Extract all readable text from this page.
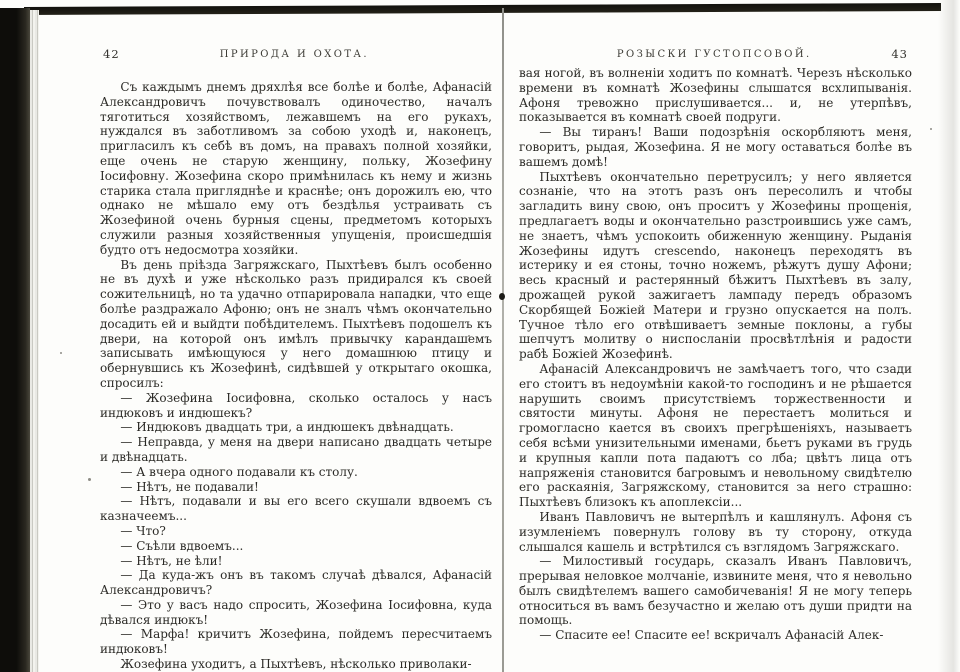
42	ПРИРОДА И ОХОТА.

Съ каждымъ днемъ дряхлѣя все болѣе и болѣе, Афанасій Александровичъ почувствовалъ одиночество, началъ тяготиться хозяйствомъ, лежавшемъ на его рукахъ, нуждался въ заботливомъ за собою уходѣ и, наконецъ, пригласилъ къ себѣ въ домъ, на правахъ полной хозяйки, еще очень не старую женщину, польку, Жозефину Іосифовну. Жозефина скоро примѣнилась къ нему и жизнь старика стала пригляднѣе и краснѣе; онъ дорожилъ ею, что однако не мѣшало ему отъ бездѣлья устраивать съ Жозефиной очень бурныя сцены, предметомъ которыхъ служили разныя хозяйственныя упущенія, происшедшія будто отъ недосмотра хозяйки.

Въ день пріѣзда Загряжскаго, Пыхтѣевъ былъ особенно не въ духѣ и уже нѣсколько разъ придирался къ своей сожительницѣ, но та удачно отпарировала нападки, что еще болѣе раздражало Афоню; онъ не зналъ чѣмъ окончательно досадить ей и выйдти побѣдителемъ. Пыхтѣевъ подошелъ къ двери, на которой онъ имѣлъ привычку карандашемъ записывать имѣющуюся у него домашнюю птицу и обернувшись къ Жозефинѣ, сидѣвшей у открытаго окошка, спросилъ:

— Жозефина Іосифовна, сколько осталось у насъ индюковъ и индюшекъ?

— Индюковъ двадцать три, а индюшекъ двѣнадцать.

— Неправда, у меня на двери написано двадцать четыре и двѣнадцать.

— А вчера одного подавали къ столу.

— Нѣтъ, не подавали!

— Нѣтъ, подавали и вы его всего скушали вдвоемъ съ казначеемъ...

— Что?

— Съѣли вдвоемъ...

— Нѣтъ, не ѣли!

— Да куда-жъ онъ въ такомъ случаѣ дѣвался, Афанасій Александровичъ?

— Это у васъ надо спросить, Жозефина Іосифовна, куда дѣвался индюкъ!

— Марфа! кричитъ Жозефина, пойдемъ пересчитаемъ индюковъ!

Жозефина уходитъ, а Пыхтѣевъ, нѣсколько приволаки-

РОЗЫСКИ ГУСТОПСОВОЙ.	43

вая ногой, въ волненіи ходитъ по комнатѣ. Черезъ нѣсколько времени въ комнатѣ Жозефины слышатся всхлипыванія. Афоня тревожно прислушивается... и, не утерпѣвъ, показывается въ комнатѣ своей подруги.

— Вы тиранъ! Ваши подозрѣнія оскорбляютъ меня, говоритъ, рыдая, Жозефина. Я не могу оставаться болѣе въ вашемъ домѣ!

Пыхтѣевъ окончательно перетрусилъ; у него является сознаніе, что на этотъ разъ онъ пересолилъ и чтобы загладить вину свою, онъ проситъ у Жозефины прощенія, предлагаетъ воды и окончательно разстроившись уже самъ, не знаетъ, чѣмъ успокоить обиженную женщину. Рыданія Жозефины идутъ crescendo, наконецъ переходятъ въ истерику и ея стоны, точно ножемъ, рѣжутъ душу Афони; весь красный и растерянный бѣжитъ Пыхтѣевъ въ залу, дрожащей рукой зажигаетъ лампаду передъ образомъ Скорбящей Божіей Матери и грузно опускается на полъ. Тучное тѣло его отвѣшиваетъ земные поклоны, а губы шепчутъ молитву о ниспосланіи просвѣтлѣнія и радости рабѣ Божіей Жозефинѣ.

Афанасій Александровичъ не замѣчаетъ того, что сзади его стоитъ въ недоумѣніи какой-то господинъ и не рѣшается нарушить своимъ присутствіемъ торжественности и святости минуты. Афоня не перестаетъ молиться и громогласно кается въ своихъ прегрѣшеніяхъ, называетъ себя всѣми унизительными именами, бьетъ руками въ грудь и крупныя капли пота падаютъ со лба; цвѣтъ лица отъ напряженія становится багровымъ и невольному свидѣтелю его раскаянія, Загряжскому, становится за него страшно: Пыхтѣевъ близокъ къ апоплексіи...

Иванъ Павловичъ не вытерпѣлъ и кашлянулъ. Афоня съ изумленіемъ повернулъ голову въ ту сторону, откуда слышался кашель и встрѣтился съ взглядомъ Загряжскаго.

— Милостивый государь, сказалъ Иванъ Павловичъ, прерывая неловкое молчаніе, извините меня, что я невольно былъ свидѣтелемъ вашего самобичеванія! Я не могу теперь относиться въ вамъ безучастно и желаю отъ души придти на помощь.

— Спасите ее! Спасите ее! вскричалъ Афанасій Алек-
